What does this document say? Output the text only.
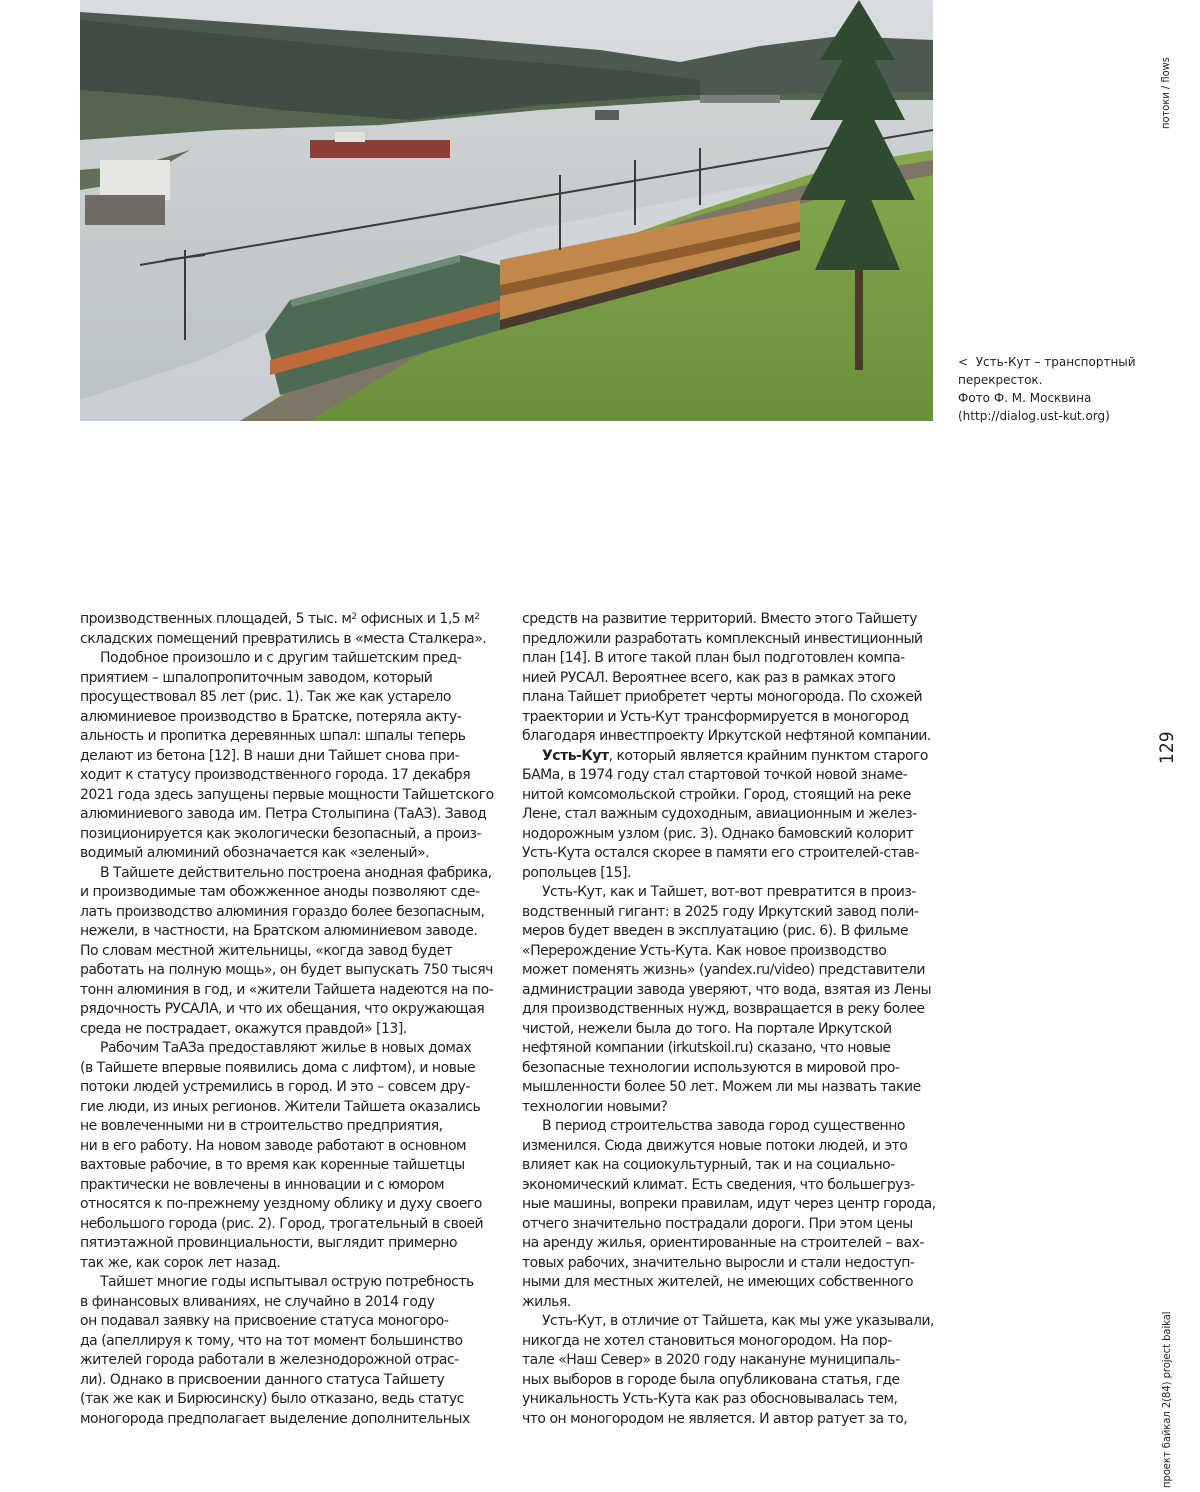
< Усть-Кут – транспортный
перекресток.
Фото Ф. М. Москвина
(http://dialog.ust-kut.org)
потоки / flows
129
проект байкал 2(84) project baikal
производственных площадей, 5 тыс. $м^2$ офисных и 1,5 $м^2$
складских помещений превратились в «места Сталкера».
Подобное произошло и с другим тайшетским пред-
приятием – шпалопропиточным заводом, который
просуществовал 85 лет (рис. 1). Так же как устарело
алюминиевое производство в Братске, потеряла акту-
альность и пропитка деревянных шпал: шпалы теперь
делают из бетона [12]. В наши дни Тайшет снова при-
ходит к статусу производственного города. 17 декабря
2021 года здесь запущены первые мощности Тайшетского
алюминиевого завода им. Петра Столыпина (ТаАЗ). Завод
позиционируется как экологически безопасный, а произ-
водимый алюминий обозначается как «зеленый».
В Тайшете действительно построена анодная фабрика,
и производимые там обожженное аноды позволяют сде-
лать производство алюминия гораздо более безопасным,
нежели, в частности, на Братском алюминиевом заводе.
По словам местной жительницы, «когда завод будет
работать на полную мощь», он будет выпускать 750 тысяч
тонн алюминия в год, и «жители Тайшета надеются на по-
рядочность РУСАЛА, и что их обещания, что окружающая
среда не пострадает, окажутся правдой» [13].
Рабочим ТаАЗа предоставляют жилье в новых домах
(в Тайшете впервые появились дома с лифтом), и новые
потоки людей устремились в город. И это – совсем дру-
гие люди, из иных регионов. Жители Тайшета оказались
не вовлеченными ни в строительство предприятия,
ни в его работу. На новом заводе работают в основном
вахтовые рабочие, в то время как коренные тайшетцы
практически не вовлечены в инновации и с юмором
относятся к по-прежнему уездному облику и духу своего
небольшого города (рис. 2). Город, трогательный в своей
пятиэтажной провинциальности, выглядит примерно
так же, как сорок лет назад.
Тайшет многие годы испытывал острую потребность
в финансовых вливаниях, не случайно в 2014 году
он подавал заявку на присвоение статуса моногоро-
да (апеллируя к тому, что на тот момент большинство
жителей города работали в железнодорожной отрас-
ли). Однако в присвоении данного статуса Тайшету
(так же как и Бирюсинску) было отказано, ведь статус
моногорода предполагает выделение дополнительных
средств на развитие территорий. Вместо этого Тайшету
предложили разработать комплексный инвестиционный
план [14]. В итоге такой план был подготовлен компа-
нией РУСАЛ. Вероятнее всего, как раз в рамках этого
плана Тайшет приобретет черты моногорода. По схожей
траектории и Усть-Кут трансформируется в моногород
благодаря инвестпроекту Иркутской нефтяной компании.
Усть-Кут, который является крайним пунктом старого
БАМа, в 1974 году стал стартовой точкой новой знаме-
нитой комсомольской стройки. Город, стоящий на реке
Лене, стал важным судоходным, авиационным и желез-
нодорожным узлом (рис. 3). Однако бамовский колорит
Усть-Кута остался скорее в памяти его строителей-став-
ропольцев [15].
Усть-Кут, как и Тайшет, вот-вот превратится в произ-
водственный гигант: в 2025 году Иркутский завод поли-
меров будет введен в эксплуатацию (рис. 6). В фильме
«Перерождение Усть-Кута. Как новое производство
может поменять жизнь» (yandex.ru/video) представители
администрации завода уверяют, что вода, взятая из Лены
для производственных нужд, возвращается в реку более
чистой, нежели была до того. На портале Иркутской
нефтяной компании (irkutskoil.ru) сказано, что новые
безопасные технологии используются в мировой про-
мышленности более 50 лет. Можем ли мы назвать такие
технологии новыми?
В период строительства завода город существенно
изменился. Сюда движутся новые потоки людей, и это
влияет как на социокультурный, так и на социально-
экономический климат. Есть сведения, что большегруз-
ные машины, вопреки правилам, идут через центр города,
отчего значительно пострадали дороги. При этом цены
на аренду жилья, ориентированные на строителей – вах-
товых рабочих, значительно выросли и стали недоступ-
ными для местных жителей, не имеющих собственного
жилья.
Усть-Кут, в отличие от Тайшета, как мы уже указывали,
никогда не хотел становиться моногородом. На пор-
тале «Наш Север» в 2020 году накануне муниципаль-
ных выборов в городе была опубликована статья, где
уникальность Усть-Кута как раз обосновывалась тем,
что он моногородом не является. И автор ратует за то,
